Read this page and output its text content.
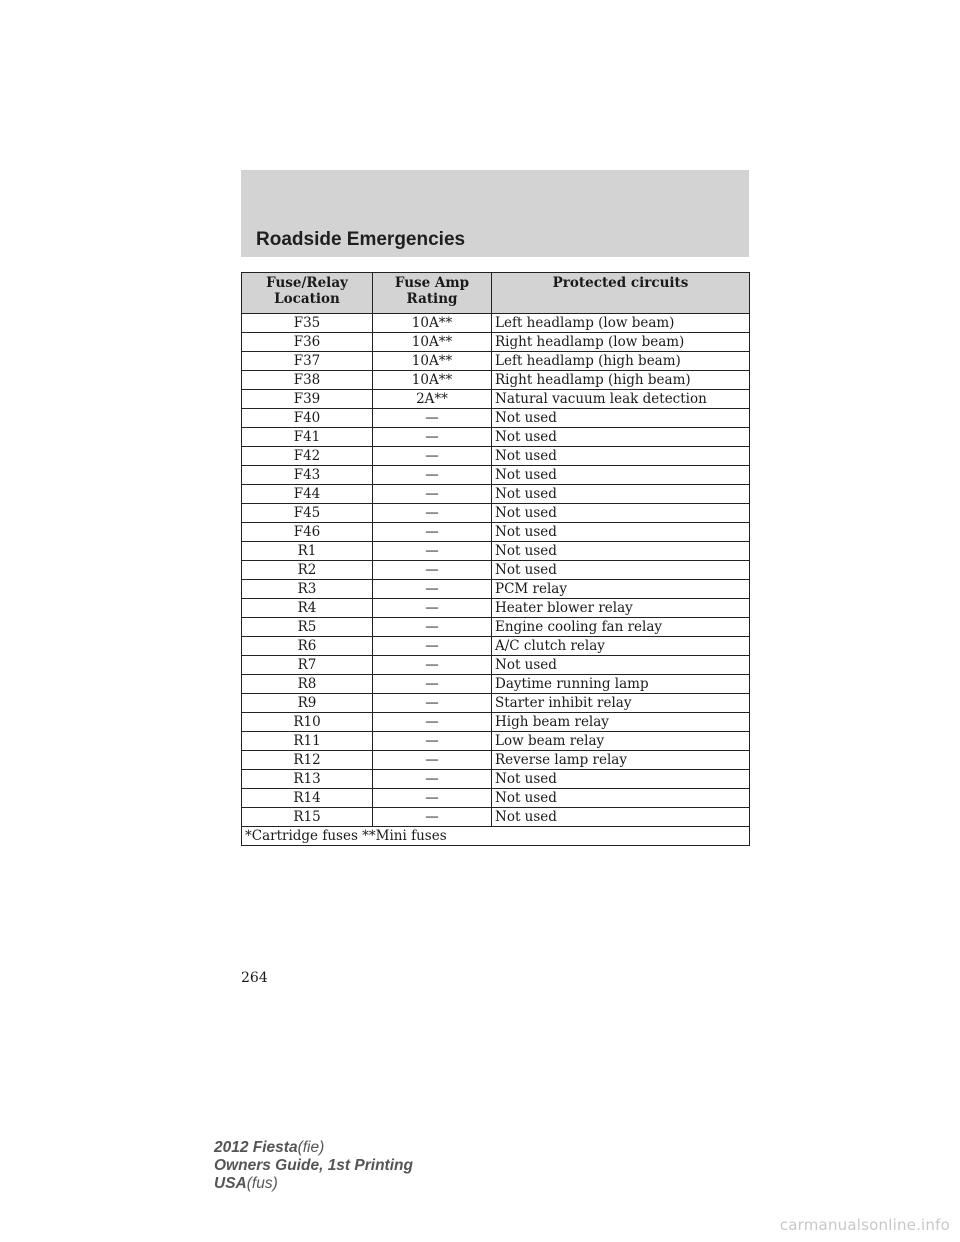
Roadside Emergencies
Fuse/Relay Location	Fuse Amp Rating	Protected circuits
F35	10A**	Left headlamp (low beam)
F36	10A**	Right headlamp (low beam)
F37	10A**	Left headlamp (high beam)
F38	10A**	Right headlamp (high beam)
F39	2A**	Natural vacuum leak detection
F40	—	Not used
F41	—	Not used
F42	—	Not used
F43	—	Not used
F44	—	Not used
F45	—	Not used
F46	—	Not used
R1	—	Not used
R2	—	Not used
R3	—	PCM relay
R4	—	Heater blower relay
R5	—	Engine cooling fan relay
R6	—	A/C clutch relay
R7	—	Not used
R8	—	Daytime running lamp
R9	—	Starter inhibit relay
R10	—	High beam relay
R11	—	Low beam relay
R12	—	Reverse lamp relay
R13	—	Not used
R14	—	Not used
R15	—	Not used
*Cartridge fuses **Mini fuses		
264
2012 Fiesta(fie)
Owners Guide, 1st Printing
USA(fus)
carmanualsonline.info
